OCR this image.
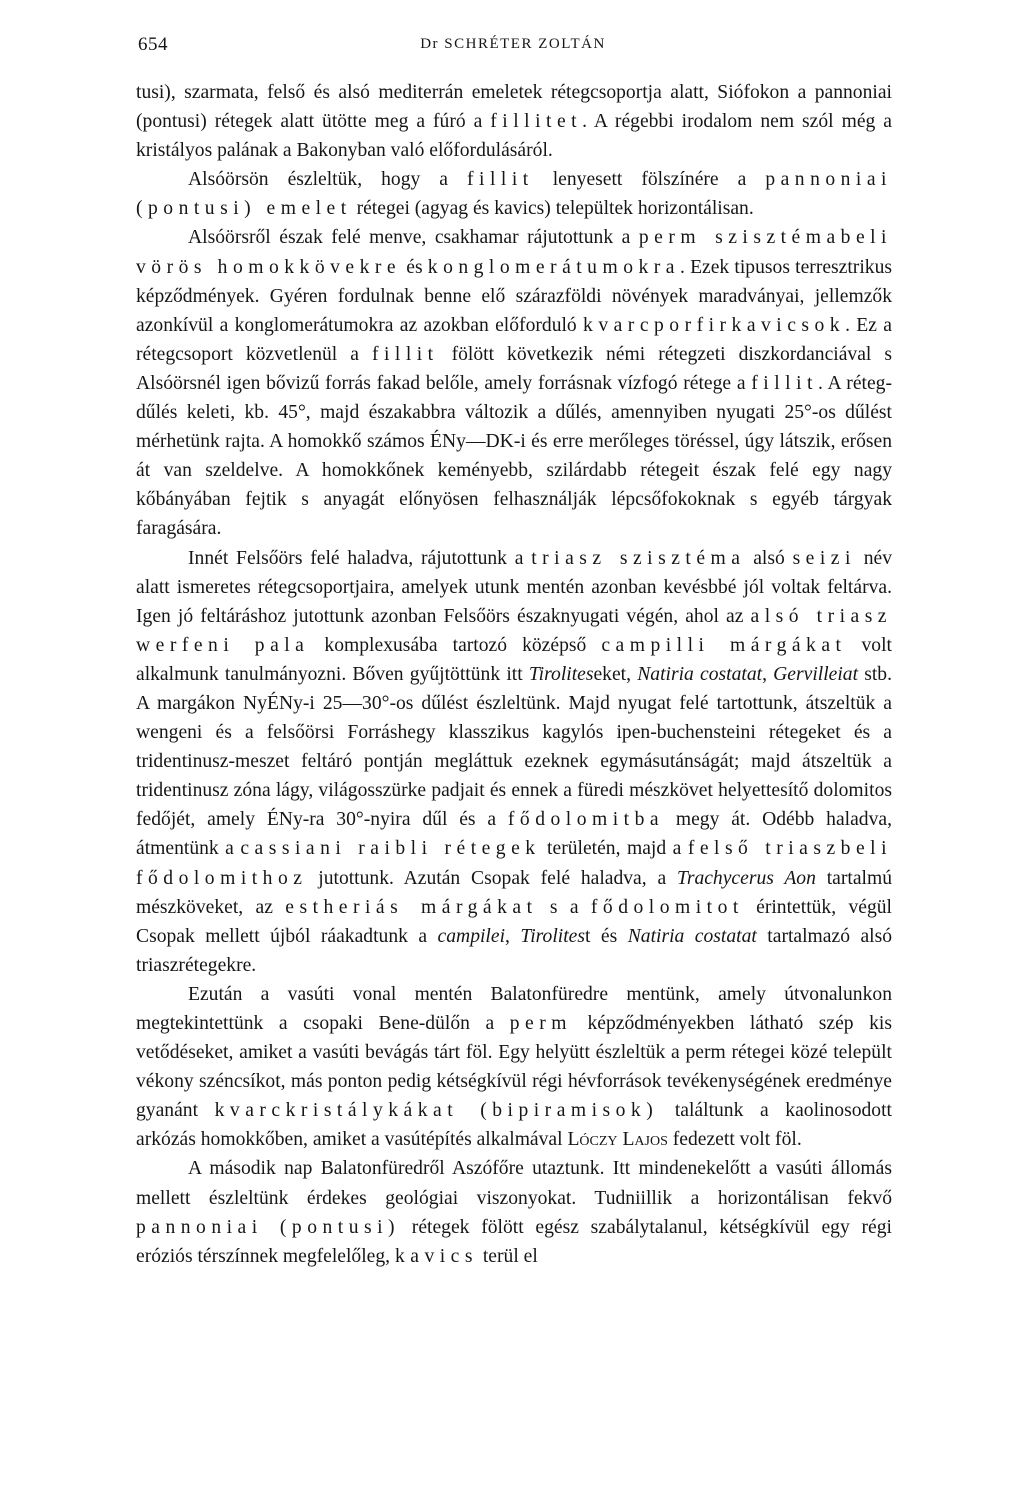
654	Dr SCHRÉTER ZOLTÁN

tusi), szarmata, felső és alsó mediterrán emeletek rétegcsoportja alatt, Siófokon a pannoniai (pontusi) rétegek alatt ütötte meg a fúró a fillitet. A régebbi irodalom nem szól még a kristályos palának a Bakonyban való előfordulásáról.

Alsóörsön észleltük, hogy a fillit lenyesett fölszínére a pannoniai (pontusi) emelet rétegei (agyag és kavics) települtek horizontálisan.

Alsóörsről észak felé menve, csakhamar rájutottunk a perm szisztémabeli vörös homokkövekre és konglomerátumokra. Ezek tipusos terresztrikus képződmények. Gyéren fordulnak benne elő szárazföldi növények maradványai, jellemzők azonkívül a konglomerátumokra az azokban előforduló kvarcporfirkavicsok. Ez a rétegcsoport közvetlenül a fillit fölött következik némi rétegzeti diszkordanciával s Alsóörsnél igen bővizű forrás fakad belőle, amely forrásnak vízfogó rétege a fillit. A rétegdűlés keleti, kb. 45°, majd északabbra változik a dűlés, amennyiben nyugati 25°-os dűlést mérhetünk rajta. A homokkő számos ÉNy—DK-i és erre merőleges töréssel, úgy látszik, erősen át van szeldelve. A homokkőnek keményebb, szilárdabb rétegeit észak felé egy nagy kőbányában fejtik s anyagát előnyösen felhasználják lépcsőfokoknak s egyéb tárgyak faragására.

Innét Felsőörs felé haladva, rájutottunk a triasz szisztéma alsó seizi név alatt ismeretes rétegcsoportjaira, amelyek utunk mentén azonban kevésbbé jól voltak feltárva. Igen jó feltáráshoz jutottunk azonban Felsőörs északnyugati végén, ahol az alsó triasz werfeni pala komplexusába tartozó középső campilli márgákat volt alkalmunk tanulmányozni. Bőven gyűjtöttünk itt Tiroliteseket, Natiria costatat, Gervilleiat stb. A margákon NyÉNy-i 25—30°-os dűlést észleltünk. Majd nyugat felé tartottunk, átszeltük a wengeni és a felsőörsi Forráshegy klasszikus kagylós ipen-buchensteini rétegeket és a tridentinusz-meszet feltáró pontján megláttuk ezeknek egymásutánságát; majd átszeltük a tridentinusz zóna lágy, világosszürke padjait és ennek a füredi mészkövet helyettesítő dolomitos fedőjét, amely ÉNy-ra 30°-nyira dűl és a fődolomitba megy át. Odébb haladva, átmentünk a cassiani raibli rétegek területén, majd a felső triaszbeli fődolomithoz jutottunk. Azután Csopak felé haladva, a Trachycerus Aon tartalmú mészköveket, az estheriás márgákat s a fődolomitot érintettük, végül Csopak mellett újból ráakadtunk a campilei, Tirolitest és Natiria costatat tartalmazó alsó triaszrétegekre.

Ezután a vasúti vonal mentén Balatonfüredre mentünk, amely útvonalunkon megtekintettünk a csopaki Bene-dülőn a perm képződményekben látható szép kis vetődéseket, amiket a vasúti bevágás tárt föl. Egy helyütt észleltük a perm rétegei közé települt vékony széncsíkot, más ponton pedig kétségkívül régi hévforrások tevékenységének eredménye gyanánt kvarckristálykákat (bipiramisok) találtunk a kaolinosodott arkózás homokkőben, amiket a vasútépítés alkalmával Lóczy Lajos fedezett volt föl.

A második nap Balatonfüredről Aszófőre utaztunk. Itt mindenekelőtt a vasúti állomás mellett észleltünk érdekes geológiai viszonyokat. Tudniillik a horizontálisan fekvő pannoniai (pontusi) rétegek fölött egész szabálytalanul, kétségkívül egy régi eróziós térszínnek megfelelőleg, kavics terül el
